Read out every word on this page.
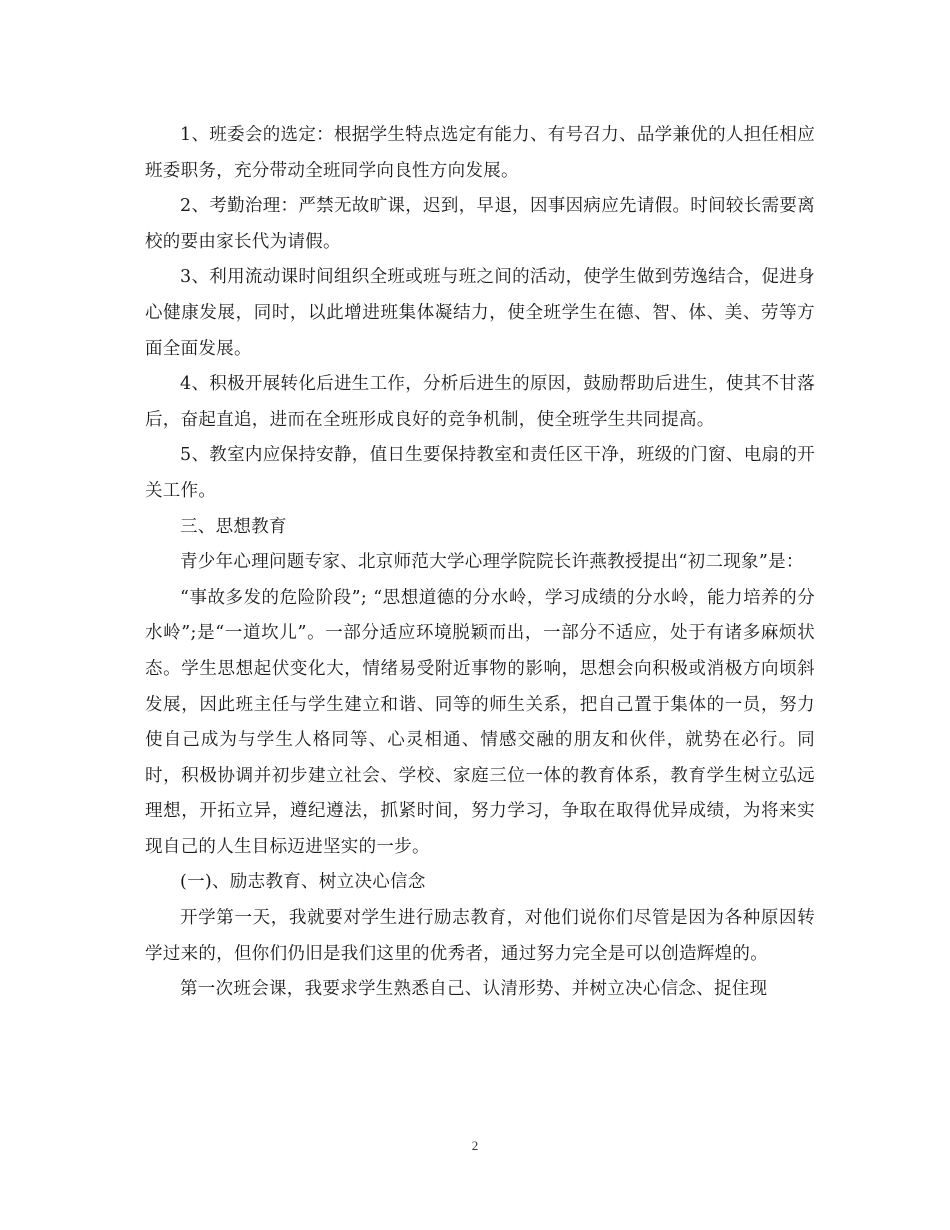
1、班委会的选定：根据学生特点选定有能力、有号召力、品学兼优的人担任相应班委职务，充分带动全班同学向良性方向发展。

2、考勤治理：严禁无故旷课，迟到，早退，因事因病应先请假。时间较长需要离校的要由家长代为请假。

3、利用流动课时间组织全班或班与班之间的活动，使学生做到劳逸结合，促进身心健康发展，同时，以此增进班集体凝结力，使全班学生在德、智、体、美、劳等方面全面发展。

4、积极开展转化后进生工作，分析后进生的原因，鼓励帮助后进生，使其不甘落后，奋起直追，进而在全班形成良好的竞争机制，使全班学生共同提高。

5、教室内应保持安静，值日生要保持教室和责任区干净，班级的门窗、电扇的开关工作。

三、思想教育

青少年心理问题专家、北京师范大学心理学院院长许燕教授提出“初二现象”是：

“事故多发的危险阶段”; “思想道德的分水岭，学习成绩的分水岭，能力培养的分水岭”;是“一道坎儿”。一部分适应环境脱颖而出，一部分不适应，处于有诸多麻烦状态。学生思想起伏变化大，情绪易受附近事物的影响，思想会向积极或消极方向顷斜发展，因此班主任与学生建立和谐、同等的师生关系，把自己置于集体的一员，努力使自己成为与学生人格同等、心灵相通、情感交融的朋友和伙伴，就势在必行。同时，积极协调并初步建立社会、学校、家庭三位一体的教育体系，教育学生树立弘远理想，开拓立异，遵纪遵法，抓紧时间，努力学习，争取在取得优异成绩，为将来实现自己的人生目标迈进坚实的一步。

(一)、励志教育、树立决心信念

开学第一天，我就要对学生进行励志教育，对他们说你们尽管是因为各种原因转学过来的，但你们仍旧是我们这里的优秀者，通过努力完全是可以创造辉煌的。

第一次班会课，我要求学生熟悉自己、认清形势、并树立决心信念、捉住现

2
